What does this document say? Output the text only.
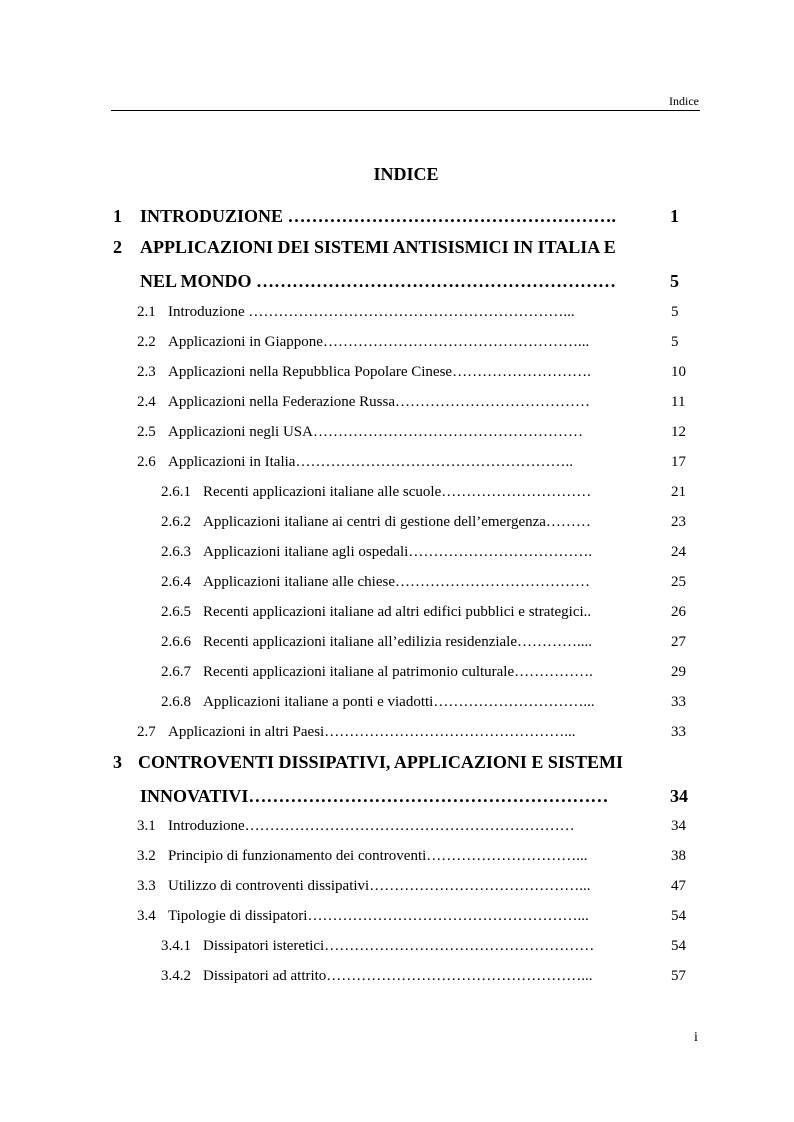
Indice
INDICE
1 INTRODUZIONE ……………………………………………….	1
2 APPLICAZIONI DEI SISTEMI ANTISISMICI IN ITALIA E
NEL MONDO ……………………………………………………	5
2.1 Introduzione ………………………………………………………...	5
2.2 Applicazioni in Giappone……………………………………………...	5
2.3 Applicazioni nella Repubblica Popolare Cinese……………………….	10
2.4 Applicazioni nella Federazione Russa…………………………………	11
2.5 Applicazioni negli USA………………………………………………	12
2.6 Applicazioni in Italia………………………………………………..	17
2.6.1 Recenti applicazioni italiane alle scuole…………………………	21
2.6.2 Applicazioni italiane ai centri di gestione dell’emergenza………	23
2.6.3 Applicazioni italiane agli ospedali……………………………….	24
2.6.4 Applicazioni italiane alle chiese…………………………………	25
2.6.5 Recenti applicazioni italiane ad altri edifici pubblici e strategici..	26
2.6.6 Recenti applicazioni italiane all’edilizia residenziale…………....	27
2.6.7 Recenti applicazioni italiane al patrimonio culturale…………….	29
2.6.8 Applicazioni italiane a ponti e viadotti…………………………...	33
2.7 Applicazioni in altri Paesi…………………………………………...	33
3 CONTROVENTI DISSIPATIVI, APPLICAZIONI E SISTEMI
INNOVATIVI……………………………………………………	34
3.1 Introduzione…………………………………………………………	34
3.2 Principio di funzionamento dei controventi…………………………...	38
3.3 Utilizzo di controventi dissipativi……………………………………...	47
3.4 Tipologie di dissipatori………………………………………………...	54
3.4.1 Dissipatori isteretici………………………………………………	54
3.4.2 Dissipatori ad attrito……………………………………………...	57
i
